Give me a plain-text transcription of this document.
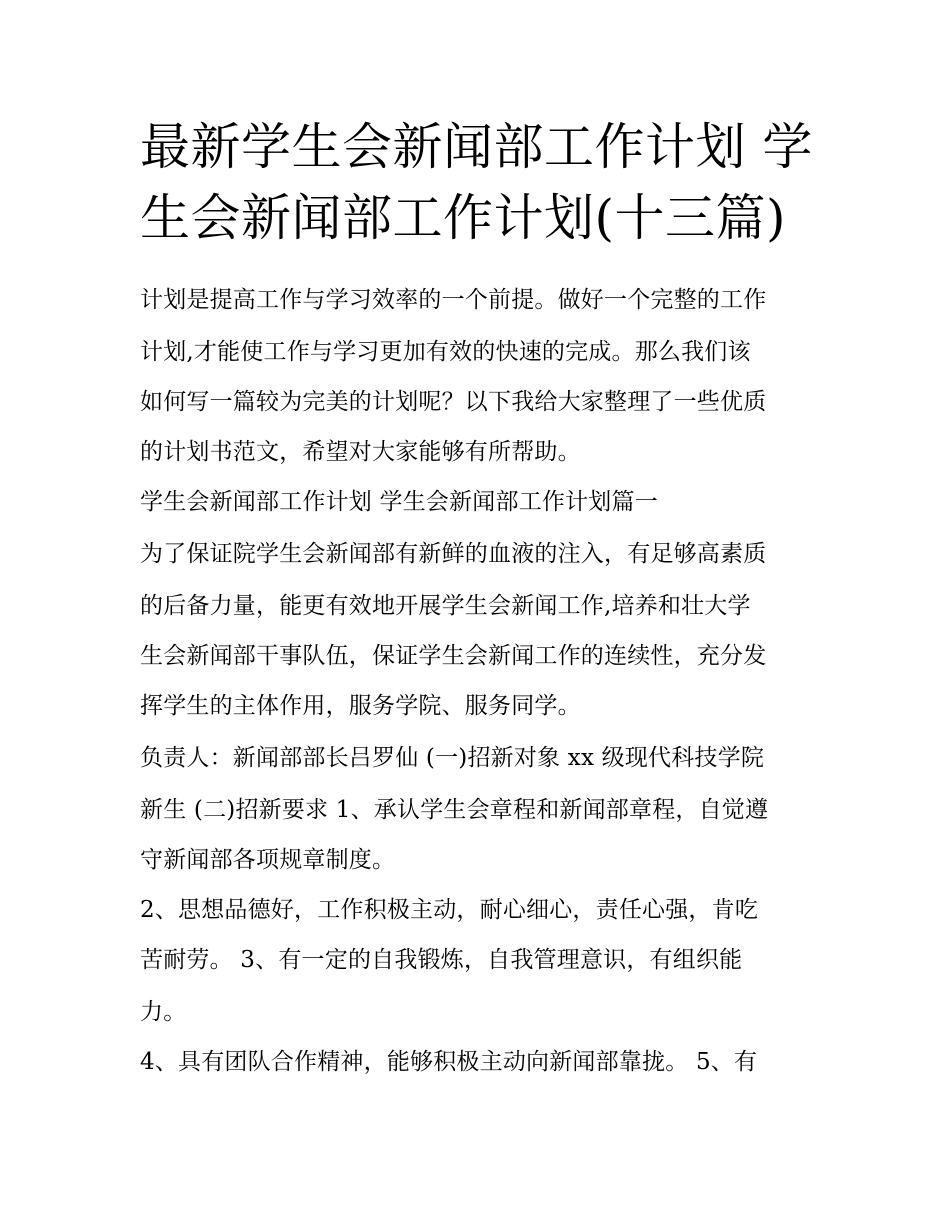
最新学生会新闻部工作计划 学
生会新闻部工作计划(十三篇)
计划是提高工作与学习效率的一个前提。做好一个完整的工作
计划,才能使工作与学习更加有效的快速的完成。那么我们该
如何写一篇较为完美的计划呢？以下我给大家整理了一些优质
的计划书范文，希望对大家能够有所帮助。
学生会新闻部工作计划 学生会新闻部工作计划篇一
为了保证院学生会新闻部有新鲜的血液的注入，有足够高素质
的后备力量，能更有效地开展学生会新闻工作,培养和壮大学
生会新闻部干事队伍，保证学生会新闻工作的连续性，充分发
挥学生的主体作用，服务学院、服务同学。
负责人：新闻部部长吕罗仙 (一)招新对象 xx 级现代科技学院
新生 (二)招新要求 1、承认学生会章程和新闻部章程，自觉遵
守新闻部各项规章制度。
2、思想品德好，工作积极主动，耐心细心，责任心强，肯吃
苦耐劳。 3、有一定的自我锻炼，自我管理意识，有组织能
力。
4、具有团队合作精神，能够积极主动向新闻部靠拢。 5、有
